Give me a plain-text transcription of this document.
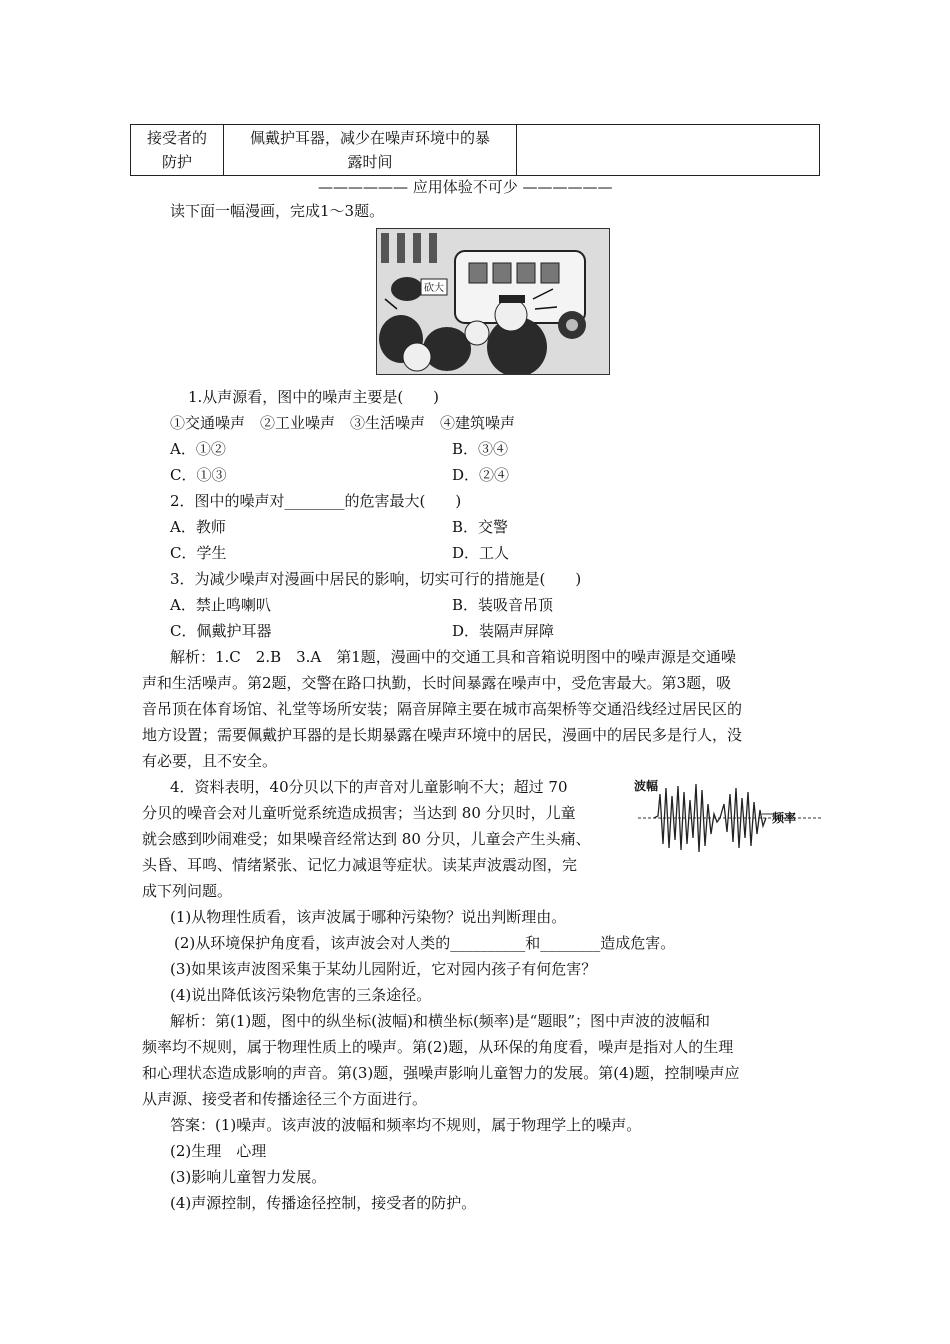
接受者的
防护

佩戴护耳器，减少在噪声环境中的暴
露时间

—————— 应用体验不可少 ——————
读下面一幅漫画，完成1～3题。
砍大
1.从声源看，图中的噪声主要是(　　)
①交通噪声　②工业噪声　③生活噪声　④建筑噪声
A．①②	B．③④
C．①③	D．②④
2．图中的噪声对________的危害最大(　　)
A．教师	B．交警
C．学生	D．工人
3．为减少噪声对漫画中居民的影响，切实可行的措施是(　　)
A．禁止鸣喇叭	B．装吸音吊顶
C．佩戴护耳器	D．装隔声屏障
解析：1.C　2.B　3.A　第1题，漫画中的交通工具和音箱说明图中的噪声源是交通噪
声和生活噪声。第2题，交警在路口执勤，长时间暴露在噪声中，受危害最大。第3题，吸
音吊顶在体育场馆、礼堂等场所安装；隔音屏障主要在城市高架桥等交通沿线经过居民区的
地方设置；需要佩戴护耳器的是长期暴露在噪声环境中的居民，漫画中的居民多是行人，没
有必要，且不安全。
4．资料表明，40分贝以下的声音对儿童影响不大；超过 70
分贝的噪音会对儿童听觉系统造成损害；当达到 80 分贝时，儿童
就会感到吵闹难受；如果噪音经常达到 80 分贝，儿童会产生头痛、
头昏、耳鸣、情绪紧张、记忆力减退等症状。读某声波震动图，完
成下列问题。
波幅
频率
(1)从物理性质看，该声波属于哪种污染物？说出判断理由。
(2)从环境保护角度看，该声波会对人类的__________和________造成危害。
(3)如果该声波图采集于某幼儿园附近，它对园内孩子有何危害？
(4)说出降低该污染物危害的三条途径。
解析：第(1)题，图中的纵坐标(波幅)和横坐标(频率)是“题眼”；图中声波的波幅和
频率均不规则，属于物理性质上的噪声。第(2)题，从环保的角度看，噪声是指对人的生理
和心理状态造成影响的声音。第(3)题，强噪声影响儿童智力的发展。第(4)题，控制噪声应
从声源、接受者和传播途径三个方面进行。
答案：(1)噪声。该声波的波幅和频率均不规则，属于物理学上的噪声。
(2)生理　心理
(3)影响儿童智力发展。
(4)声源控制，传播途径控制，接受者的防护。
